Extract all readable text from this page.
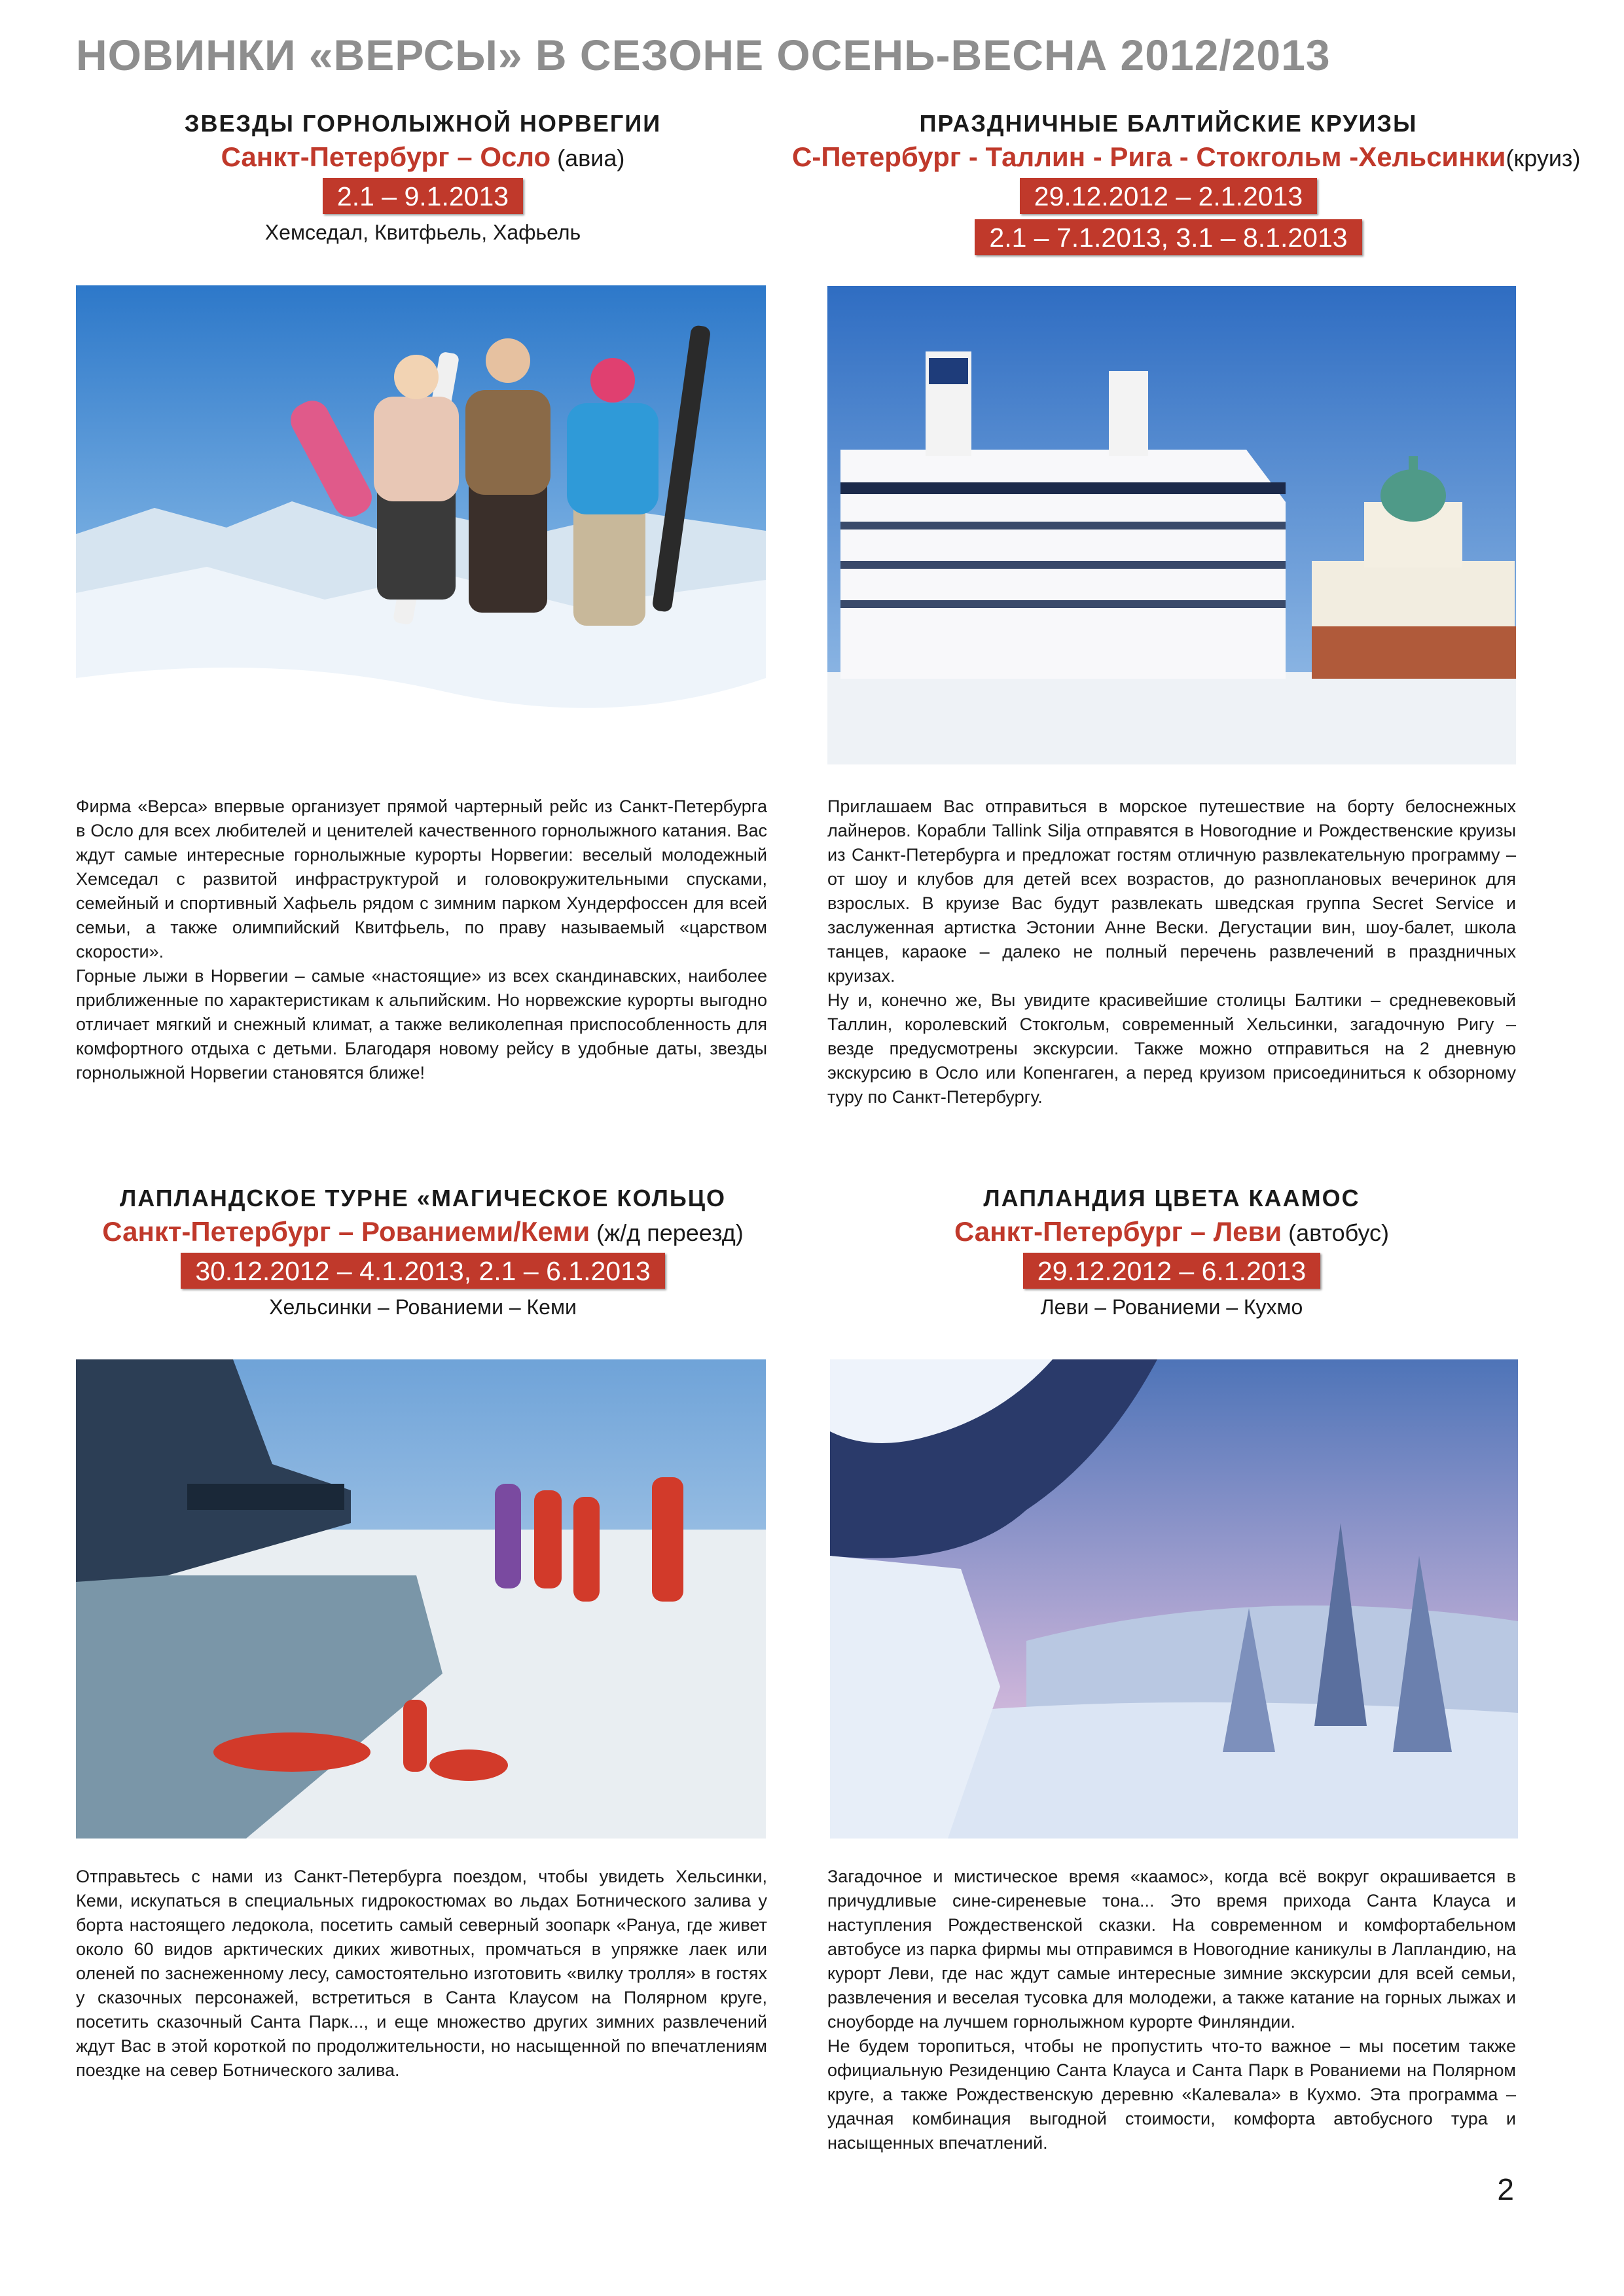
НОВИНКИ «ВЕРСЫ» В СЕЗОНЕ ОСЕНЬ-ВЕСНА 2012/2013
ЗВЕЗДЫ ГОРНОЛЫЖНОЙ НОРВЕГИИ
Санкт-Петербург – Осло (авиа)
2.1 – 9.1.2013
Хемседал, Квитфьель, Хафьель
ПРАЗДНИЧНЫЕ БАЛТИЙСКИЕ КРУИЗЫ
С-Петербург - Таллин - Рига - Стокгольм -Хельсинки(круиз)
29.12.2012 – 2.1.2013
2.1 – 7.1.2013, 3.1 – 8.1.2013

Фирма «Верса» впервые организует прямой чартерный рейс из Санкт-Петербурга в Осло для всех любителей и ценителей качественного горнолыжного катания. Вас ждут самые интересные горнолыжные курорты Норвегии: веселый молодежный Хемседал с развитой инфраструктурой и головокружительными спусками, семейный и спортивный Хафьель рядом с зимним парком Хундерфоссен для всей семьи, а также олимпийский Квитфьель, по праву называемый «царством скорости».

Горные лыжи в Норвегии – самые «настоящие» из всех скандинавских, наиболее приближенные по характеристикам к альпийским. Но норвежские курорты выгодно отличает мягкий и снежный климат, а также великолепная приспособленность для комфортного отдыха с детьми. Благодаря новому рейсу в удобные даты, звезды горнолыжной Норвегии становятся ближе!

Приглашаем Вас отправиться в морское путешествие на борту белоснежных лайнеров. Корабли Tallink Silja отправятся в Новогодние и Рождественские круизы из Санкт-Петербурга и предложат гостям отличную развлекательную программу – от шоу и клубов для детей всех возрастов, до разноплановых вечеринок для взрослых. В круизе Вас будут развлекать шведская группа Secret Service и заслуженная артистка Эстонии Анне Вески. Дегустации вин, шоу-балет, школа танцев, караоке – далеко не полный перечень развлечений в праздничных круизах.

Ну и, конечно же, Вы увидите красивейшие столицы Балтики – средневековый Таллин, королевский Стокгольм, современный Хельсинки, загадочную Ригу – везде предусмотрены экскурсии. Также можно отправиться на 2 дневную экскурсию в Осло или Копенгаген, а перед круизом присоединиться к обзорному туру по Санкт-Петербургу.

ЛАПЛАНДСКОЕ ТУРНЕ «МАГИЧЕСКОЕ КОЛЬЦО
Санкт-Петербург – Рованиеми/Кеми (ж/д переезд)
30.12.2012 – 4.1.2013, 2.1 – 6.1.2013
Хельсинки – Рованиеми – Кеми
ЛАПЛАНДИЯ ЦВЕТА КААМОС
Санкт-Петербург – Леви (автобус)
29.12.2012 – 6.1.2013
Леви – Рованиеми – Кухмо

Отправьтесь с нами из Санкт-Петербурга поездом, чтобы увидеть Хельсинки, Кеми, искупаться в специальных гидрокостюмах во льдах Ботнического залива у борта настоящего ледокола, посетить самый северный зоопарк «Рануа, где живет около 60 видов арктических диких животных, промчаться в упряжке лаек или оленей по заснеженному лесу, самостоятельно изготовить «вилку тролля» в гостях у сказочных персонажей, встретиться в Санта Клаусом на Полярном круге, посетить сказочный Санта Парк..., и еще множество других зимних развлечений ждут Вас в этой короткой по продолжительности, но насыщенной по впечатлениям поездке на север Ботнического залива.

Загадочное и мистическое время «каамос», когда всё вокруг окрашивается в причудливые сине-сиреневые тона... Это время прихода Санта Клауса и наступления Рождественской сказки. На современном и комфортабельном автобусе из парка фирмы мы отправимся в Новогодние каникулы в Лапландию, на курорт Леви, где нас ждут самые интересные зимние экскурсии для всей семьи, развлечения и веселая тусовка для молодежи, а также катание на горных лыжах и сноуборде на лучшем горнолыжном курорте Финляндии.

Не будем торопиться, чтобы не пропустить что-то важное – мы посетим также официальную Резиденцию Санта Клауса и Санта Парк в Рованиеми на Полярном круге, а также Рождественскую деревню «Калевала» в Кухмо. Эта программа – удачная комбинация выгодной стоимости, комфорта автобусного тура и насыщенных впечатлений.

2
